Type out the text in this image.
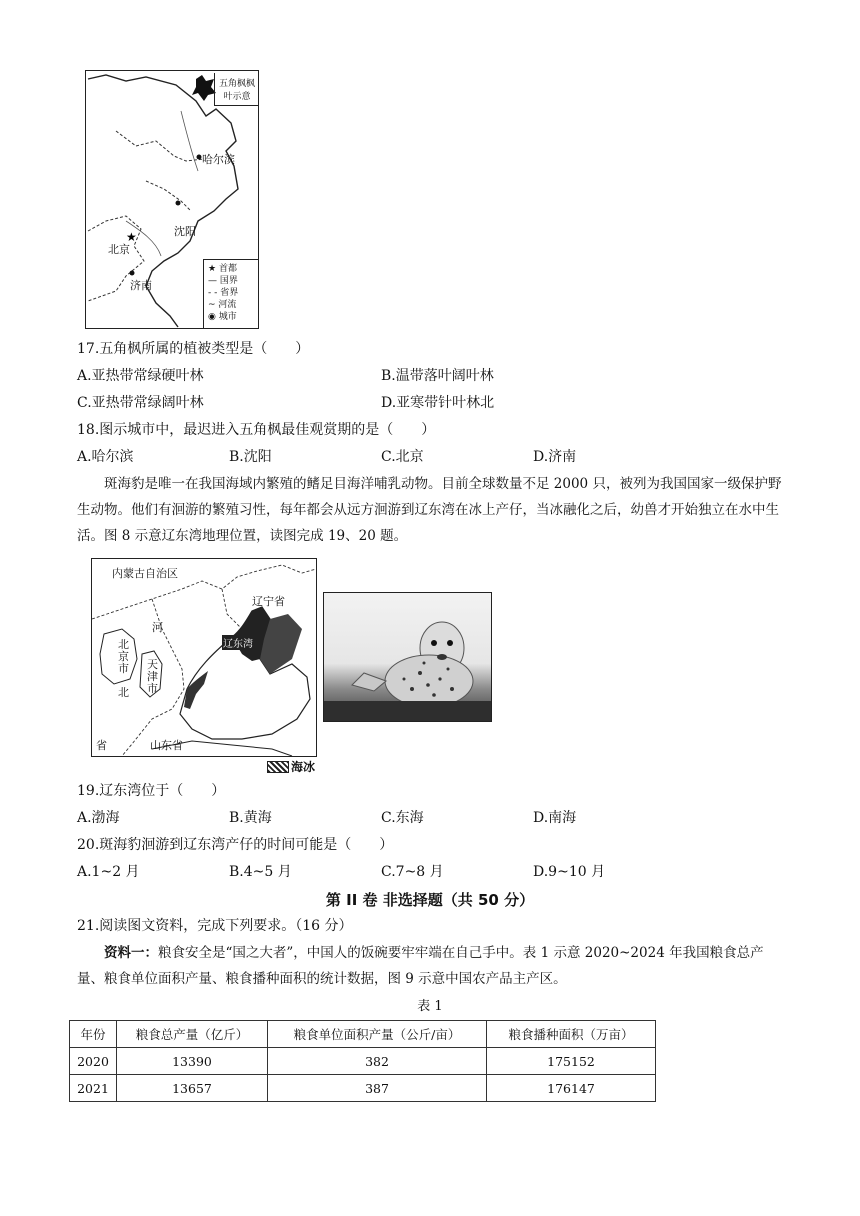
★
五角枫枫
叶示意
哈尔滨
沈阳
北京
济南
★ 首都
— 国界
- - 省界
~ 河流
◉ 城市
17.五角枫所属的植被类型是（　　）
A.亚热带常绿硬叶林	B.温带落叶阔叶林
C.亚热带常绿阔叶林	D.亚寒带针叶林北
18.图示城市中，最迟进入五角枫最佳观赏期的是（　　）
A.哈尔滨	B.沈阳	C.北京	D.济南
斑海豹是唯一在我国海域内繁殖的鳍足目海洋哺乳动物。目前全球数量不足 2000 只，被列为我国国家一级保护野生动物。他们有洄游的繁殖习性，每年都会从远方洄游到辽东湾在冰上产仔，当冰融化之后，幼兽才开始独立在水中生活。图 8 示意辽东湾地理位置，读图完成 19、20 题。
内蒙古自治区
辽宁省
辽东湾
河
北
省
北京市 天津市
山东省
海冰
19.辽东湾位于（　　）
A.渤海	B.黄海	C.东海	D.南海
20.斑海豹洄游到辽东湾产仔的时间可能是（　　）
A.1~2 月	B.4~5 月	C.7~8 月	D.9~10 月
第 II 卷 非选择题（共 50 分）
21.阅读图文资料，完成下列要求。（16 分）
资料一：粮食安全是“国之大者”，中国人的饭碗要牢牢端在自己手中。表 1 示意 2020~2024 年我国粮食总产量、粮食单位面积产量、粮食播种面积的统计数据，图 9 示意中国农产品主产区。
表 1
年份	粮食总产量（亿斤）	粮食单位面积产量（公斤/亩）	粮食播种面积（万亩）
2020	13390	382	175152
2021	13657	387	176147
